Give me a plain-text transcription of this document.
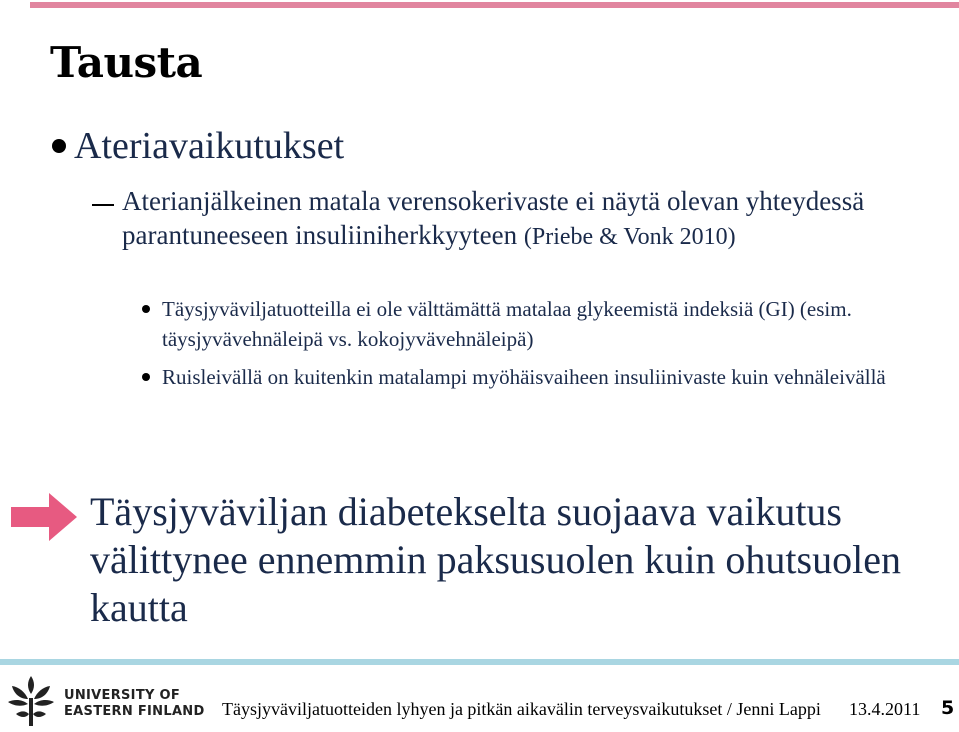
Tausta
Ateriavaikutukset
Aterianjälkeinen matala verensokerivaste ei näytä olevan yhteydessä parantuneeseen insuliiniherkkyyteen (Priebe & Vonk 2010)
Täysjyväviljatuotteilla ei ole välttämättä matalaa glykeemistä indeksiä (GI) (esim. täysjyvävehnäleipä vs. kokojyvävehnäleipä)
Ruisleivällä on kuitenkin matalampi myöhäisvaiheen insuliinivaste kuin vehnäleivällä
Täysjyväviljan diabetekselta suojaava vaikutus välittynee ennemmin paksusuolen kuin ohutsuolen kautta
UNIVERSITY OF
EASTERN FINLAND Täysjyväviljatuotteiden lyhyen ja pitkän aikavälin terveysvaikutukset / Jenni Lappi 13.4.2011 5
